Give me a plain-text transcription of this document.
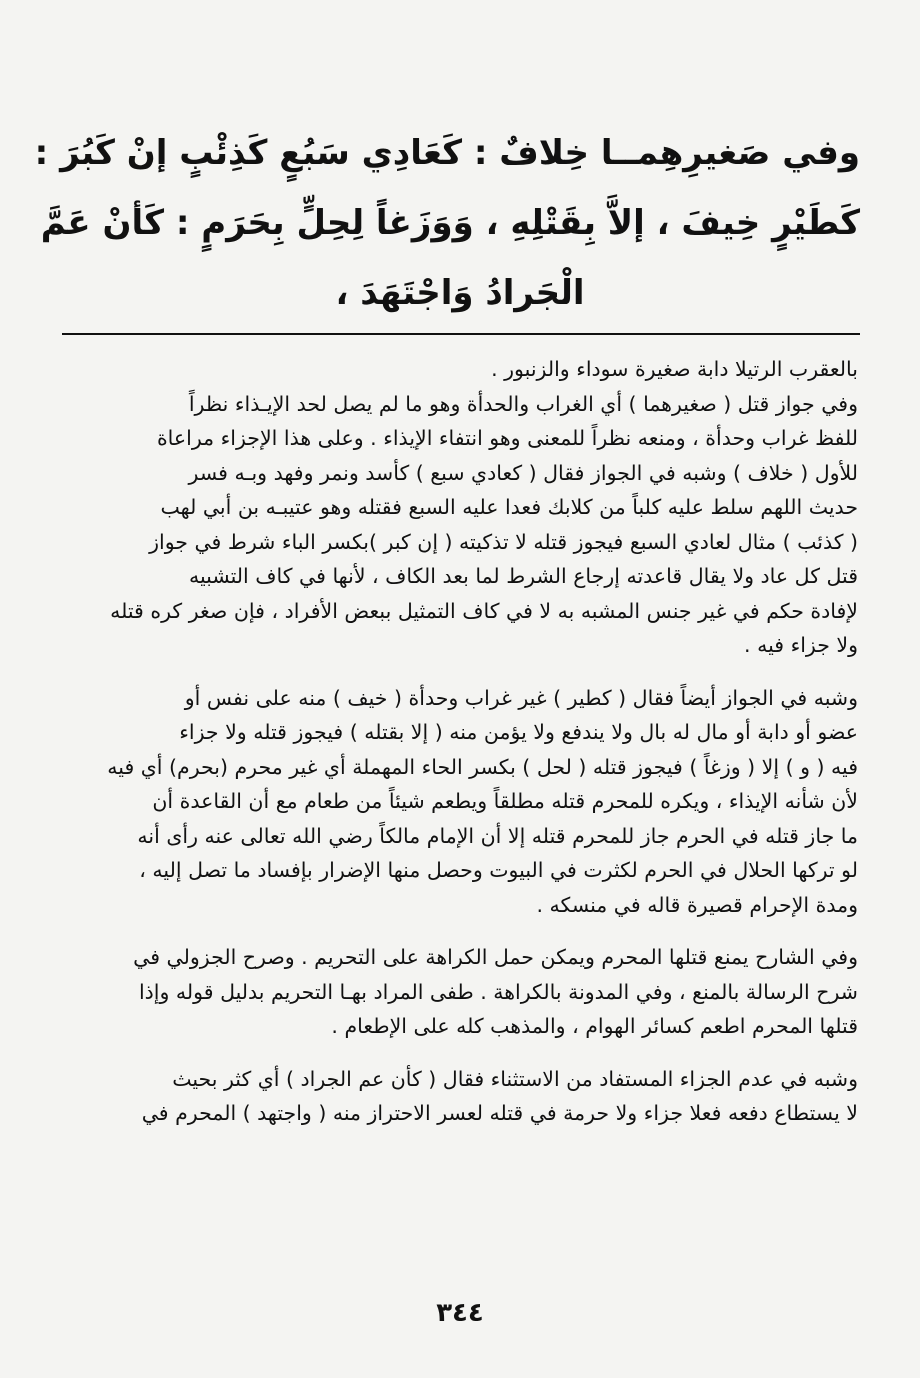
وفي صَغيرِهِمــا خِلافٌ : كَعَادِي سَبُعٍ كَذِئْبٍ إنْ كَبُرَ :
كَطَيْرٍ خِيفَ ، إلاَّ بِقَتْلِهِ ، وَوَزَغاً لِحِلٍّ بِحَرَمٍ : كَأنْ عَمَّ
الْجَرادُ وَاجْتَهَدَ ،
بالعقرب الرتيلا دابة صغيرة سوداء والزنبور .
وفي جواز قتل ( صغيرهما ) أي الغراب والحدأة وهو ما لم يصل لحد الإيـذاء نظراً
للفظ غراب وحدأة ، ومنعه نظراً للمعنى وهو انتفاء الإيذاء . وعلى هذا الإجزاء مراعاة
للأول ( خلاف ) وشبه في الجواز فقال ( كعادي سبع ) كأسد ونمر وفهد وبـه فسر
حديث اللهم سلط عليه كلباً من كلابك فعدا عليه السبع فقتله وهو عتيبـه بن أبي لهب
( كذئب ) مثال لعادي السبع فيجوز قتله لا تذكيته ( إن كبر )بكسر الباء شرط في جواز
قتل كل عاد ولا يقال قاعدته إرجاع الشرط لما بعد الكاف ، لأنها في كاف التشبيه
لإفادة حكم في غير جنس المشبه به لا في كاف التمثيل ببعض الأفراد ، فإن صغر كره قتله
ولا جزاء فيه .
وشبه في الجواز أيضاً فقال ( كطير ) غير غراب وحدأة ( خيف ) منه على نفس أو
عضو أو دابة أو مال له بال ولا يندفع ولا يؤمن منه ( إلا بقتله ) فيجوز قتله ولا جزاء
فيه ( و ) إلا ( وزغاً ) فيجوز قتله ( لحل ) بكسر الحاء المهملة أي غير محرم (بحرم) أي فيه
لأن شأنه الإيذاء ، ويكره للمحرم قتله مطلقاً ويطعم شيئاً من طعام مع أن القاعدة أن
ما جاز قتله في الحرم جاز للمحرم قتله إلا أن الإمام مالكاً رضي الله تعالى عنه رأى أنه
لو تركها الحلال في الحرم لكثرت في البيوت وحصل منها الإضرار بإفساد ما تصل إليه ،
ومدة الإحرام قصيرة قاله في منسكه .
وفي الشارح يمنع قتلها المحرم ويمكن حمل الكراهة على التحريم . وصرح الجزولي في
شرح الرسالة بالمنع ، وفي المدونة بالكراهة . طفى المراد بهـا التحريم بدليل قوله وإذا
قتلها المحرم اطعم كسائر الهوام ، والمذهب كله على الإطعام .
وشبه في عدم الجزاء المستفاد من الاستثناء فقال ( كأن عم الجراد ) أي كثر بحيث
لا يستطاع دفعه فعلا جزاء ولا حرمة في قتله لعسر الاحتراز منه ( واجتهد ) المحرم في
٣٤٤
